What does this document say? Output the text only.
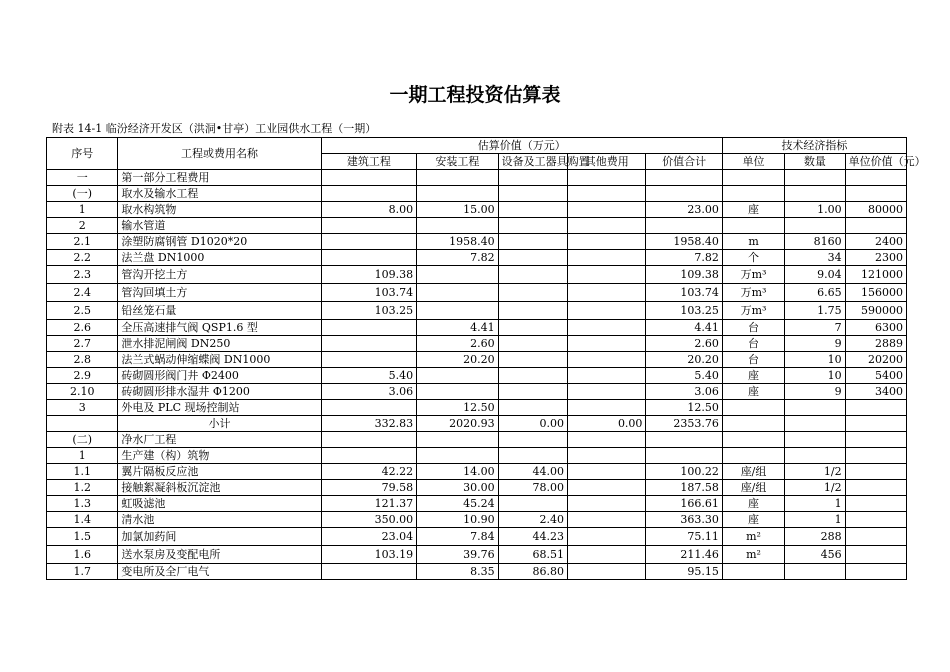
一期工程投资估算表
附表 14-1 临汾经济开发区（洪洞•甘亭）工业园供水工程（一期）
序号	工程或费用名称	估算价值（万元）					技术经济指标		
		建筑工程	安装工程	设备及工器具购置	其他费用	价值合计	单位	数量	单位价值（元）
一	第一部分工程费用								
(一)	取水及输水工程								
1	取水构筑物	8.00	15.00			23.00	座	1.00	80000
2	输水管道								
2.1	涂塑防腐钢管 D1020*20		1958.40			1958.40	m	8160	2400
2.2	法兰盘 DN1000		7.82			7.82	个	34	2300
2.3	管沟开挖土方	109.38				109.38	万m³	9.04	121000
2.4	管沟回填土方	103.74				103.74	万m³	6.65	156000
2.5	铅丝笼石量	103.25				103.25	万m³	1.75	590000
2.6	全压高速排气阀 QSP1.6 型		4.41			4.41	台	7	6300
2.7	泄水排泥闸阀 DN250		2.60			2.60	台	9	2889
2.8	法兰式蜗动伸缩蝶阀 DN1000		20.20			20.20	台	10	20200
2.9	砖砌圆形阀门井 Φ2400	5.40				5.40	座	10	5400
2.10	砖砌圆形排水湿井 Φ1200	3.06				3.06	座	9	3400
3	外电及 PLC 现场控制站		12.50			12.50			
	小计	332.83	2020.93	0.00	0.00	2353.76			
(二)	净水厂工程								
1	生产建（构）筑物								
1.1	翼片隔板反应池	42.22	14.00	44.00		100.22	座/组	1/2	
1.2	接触絮凝斜板沉淀池	79.58	30.00	78.00		187.58	座/组	1/2	
1.3	虹吸滤池	121.37	45.24			166.61	座	1	
1.4	清水池	350.00	10.90	2.40		363.30	座	1	
1.5	加氯加药间	23.04	7.84	44.23		75.11	m²	288	
1.6	送水泵房及变配电所	103.19	39.76	68.51		211.46	m²	456	
1.7	变电所及全厂电气		8.35	86.80		95.15			
